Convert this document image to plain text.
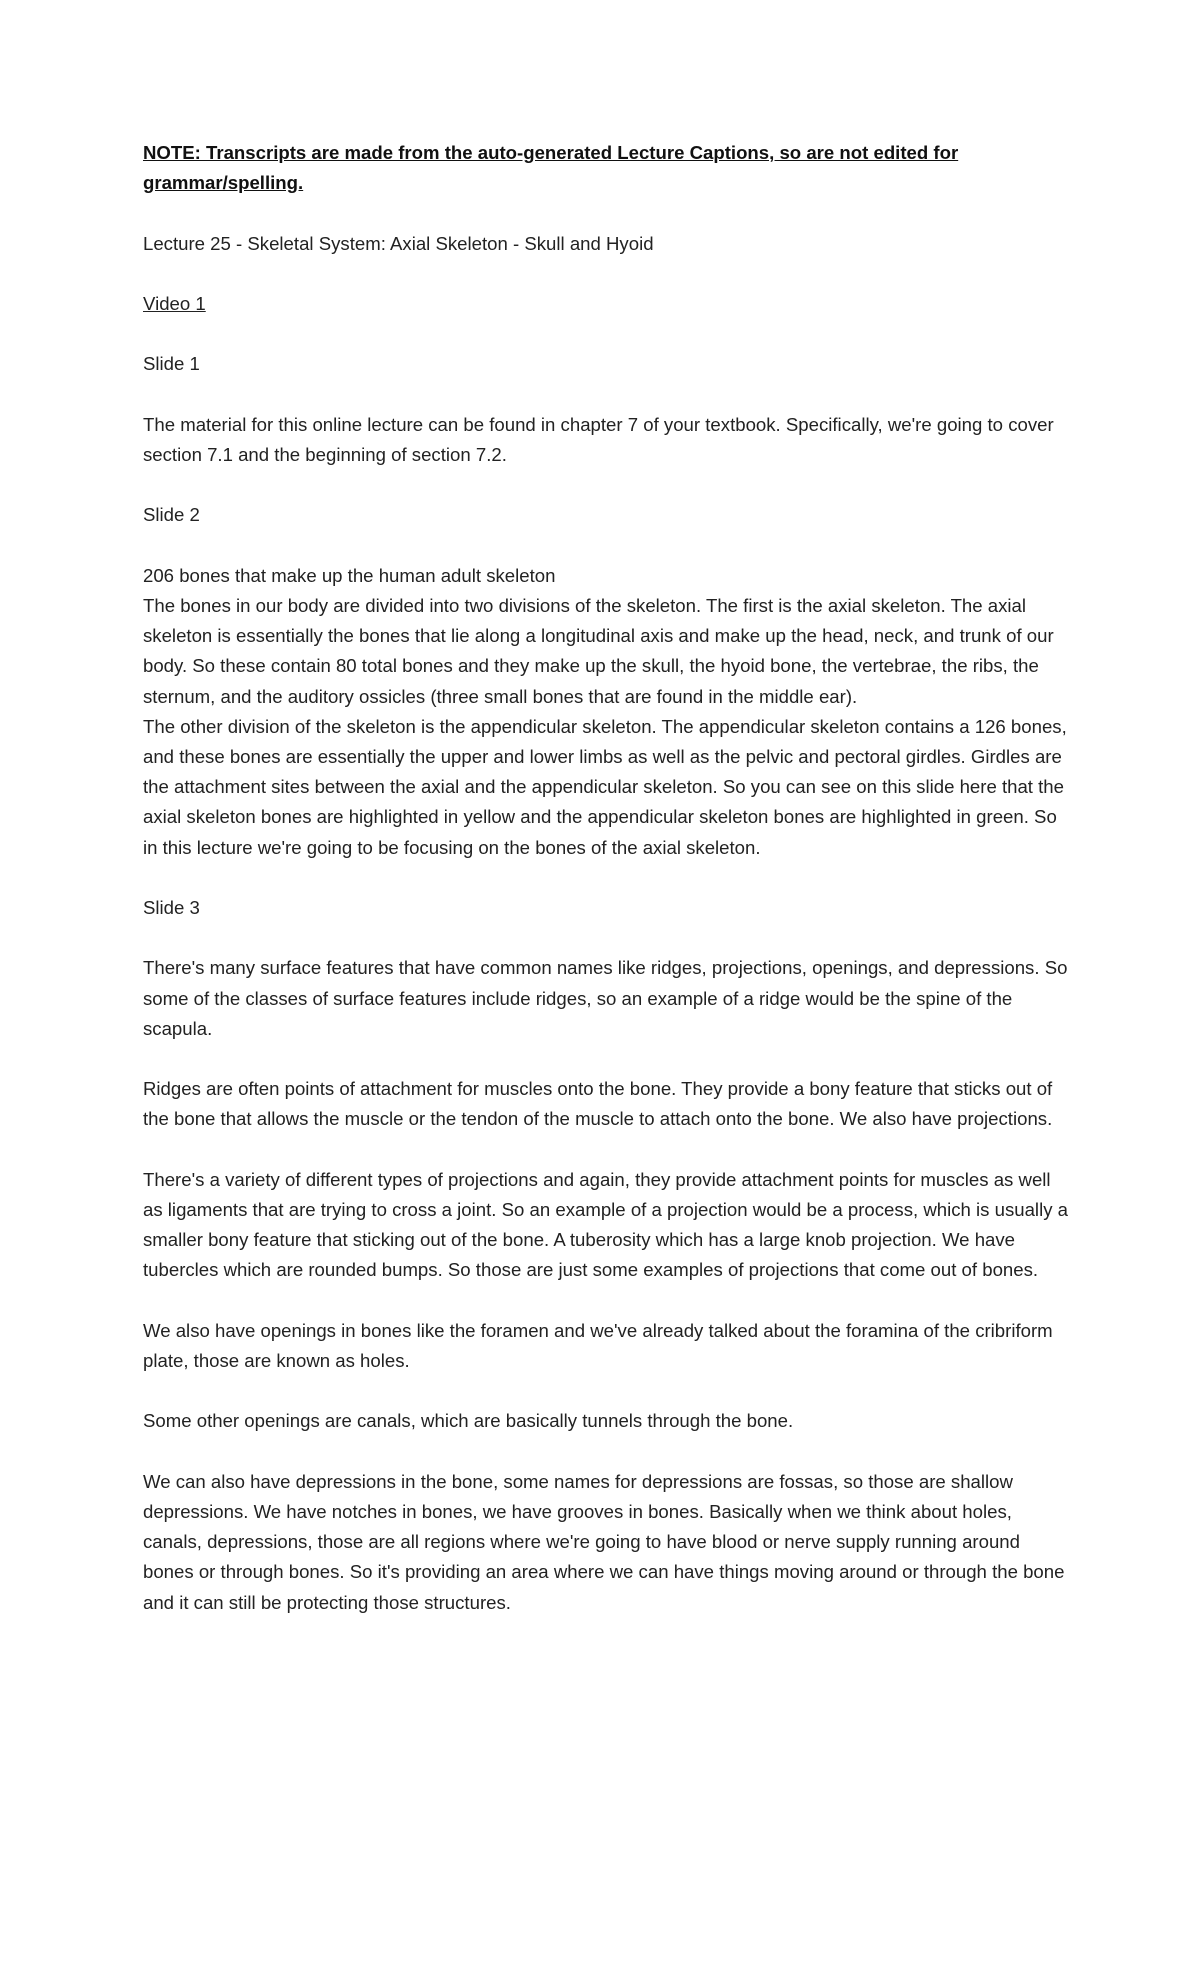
NOTE: Transcripts are made from the auto-generated Lecture Captions, so are not edited for grammar/spelling.

Lecture 25 - Skeletal System: Axial Skeleton - Skull and Hyoid

Video 1

Slide 1

The material for this online lecture can be found in chapter 7 of your textbook. Specifically, we're going to cover section 7.1 and the beginning of section 7.2.

Slide 2

206 bones that make up the human adult skeleton

The bones in our body are divided into two divisions of the skeleton. The first is the axial skeleton. The axial skeleton is essentially the bones that lie along a longitudinal axis and make up the head, neck, and trunk of our body. So these contain 80 total bones and they make up the skull, the hyoid bone, the vertebrae, the ribs, the sternum, and the auditory ossicles (three small bones that are found in the middle ear).

The other division of the skeleton is the appendicular skeleton. The appendicular skeleton contains a 126 bones, and these bones are essentially the upper and lower limbs as well as the pelvic and pectoral girdles. Girdles are the attachment sites between the axial and the appendicular skeleton. So you can see on this slide here that the axial skeleton bones are highlighted in yellow and the appendicular skeleton bones are highlighted in green. So in this lecture we're going to be focusing on the bones of the axial skeleton.

Slide 3

There's many surface features that have common names like ridges, projections, openings, and depressions. So some of the classes of surface features include ridges, so an example of a ridge would be the spine of the scapula.

Ridges are often points of attachment for muscles onto the bone. They provide a bony feature that sticks out of the bone that allows the muscle or the tendon of the muscle to attach onto the bone. We also have projections.

There's a variety of different types of projections and again, they provide attachment points for muscles as well as ligaments that are trying to cross a joint. So an example of a projection would be a process, which is usually a smaller bony feature that sticking out of the bone. A tuberosity which has a large knob projection. We have tubercles which are rounded bumps. So those are just some examples of projections that come out of bones.

We also have openings in bones like the foramen and we've already talked about the foramina of the cribriform plate, those are known as holes.

Some other openings are canals, which are basically tunnels through the bone.

We can also have depressions in the bone, some names for depressions are fossas, so those are shallow depressions. We have notches in bones, we have grooves in bones. Basically when we think about holes, canals, depressions, those are all regions where we're going to have blood or nerve supply running around bones or through bones. So it's providing an area where we can have things moving around or through the bone and it can still be protecting those structures.
